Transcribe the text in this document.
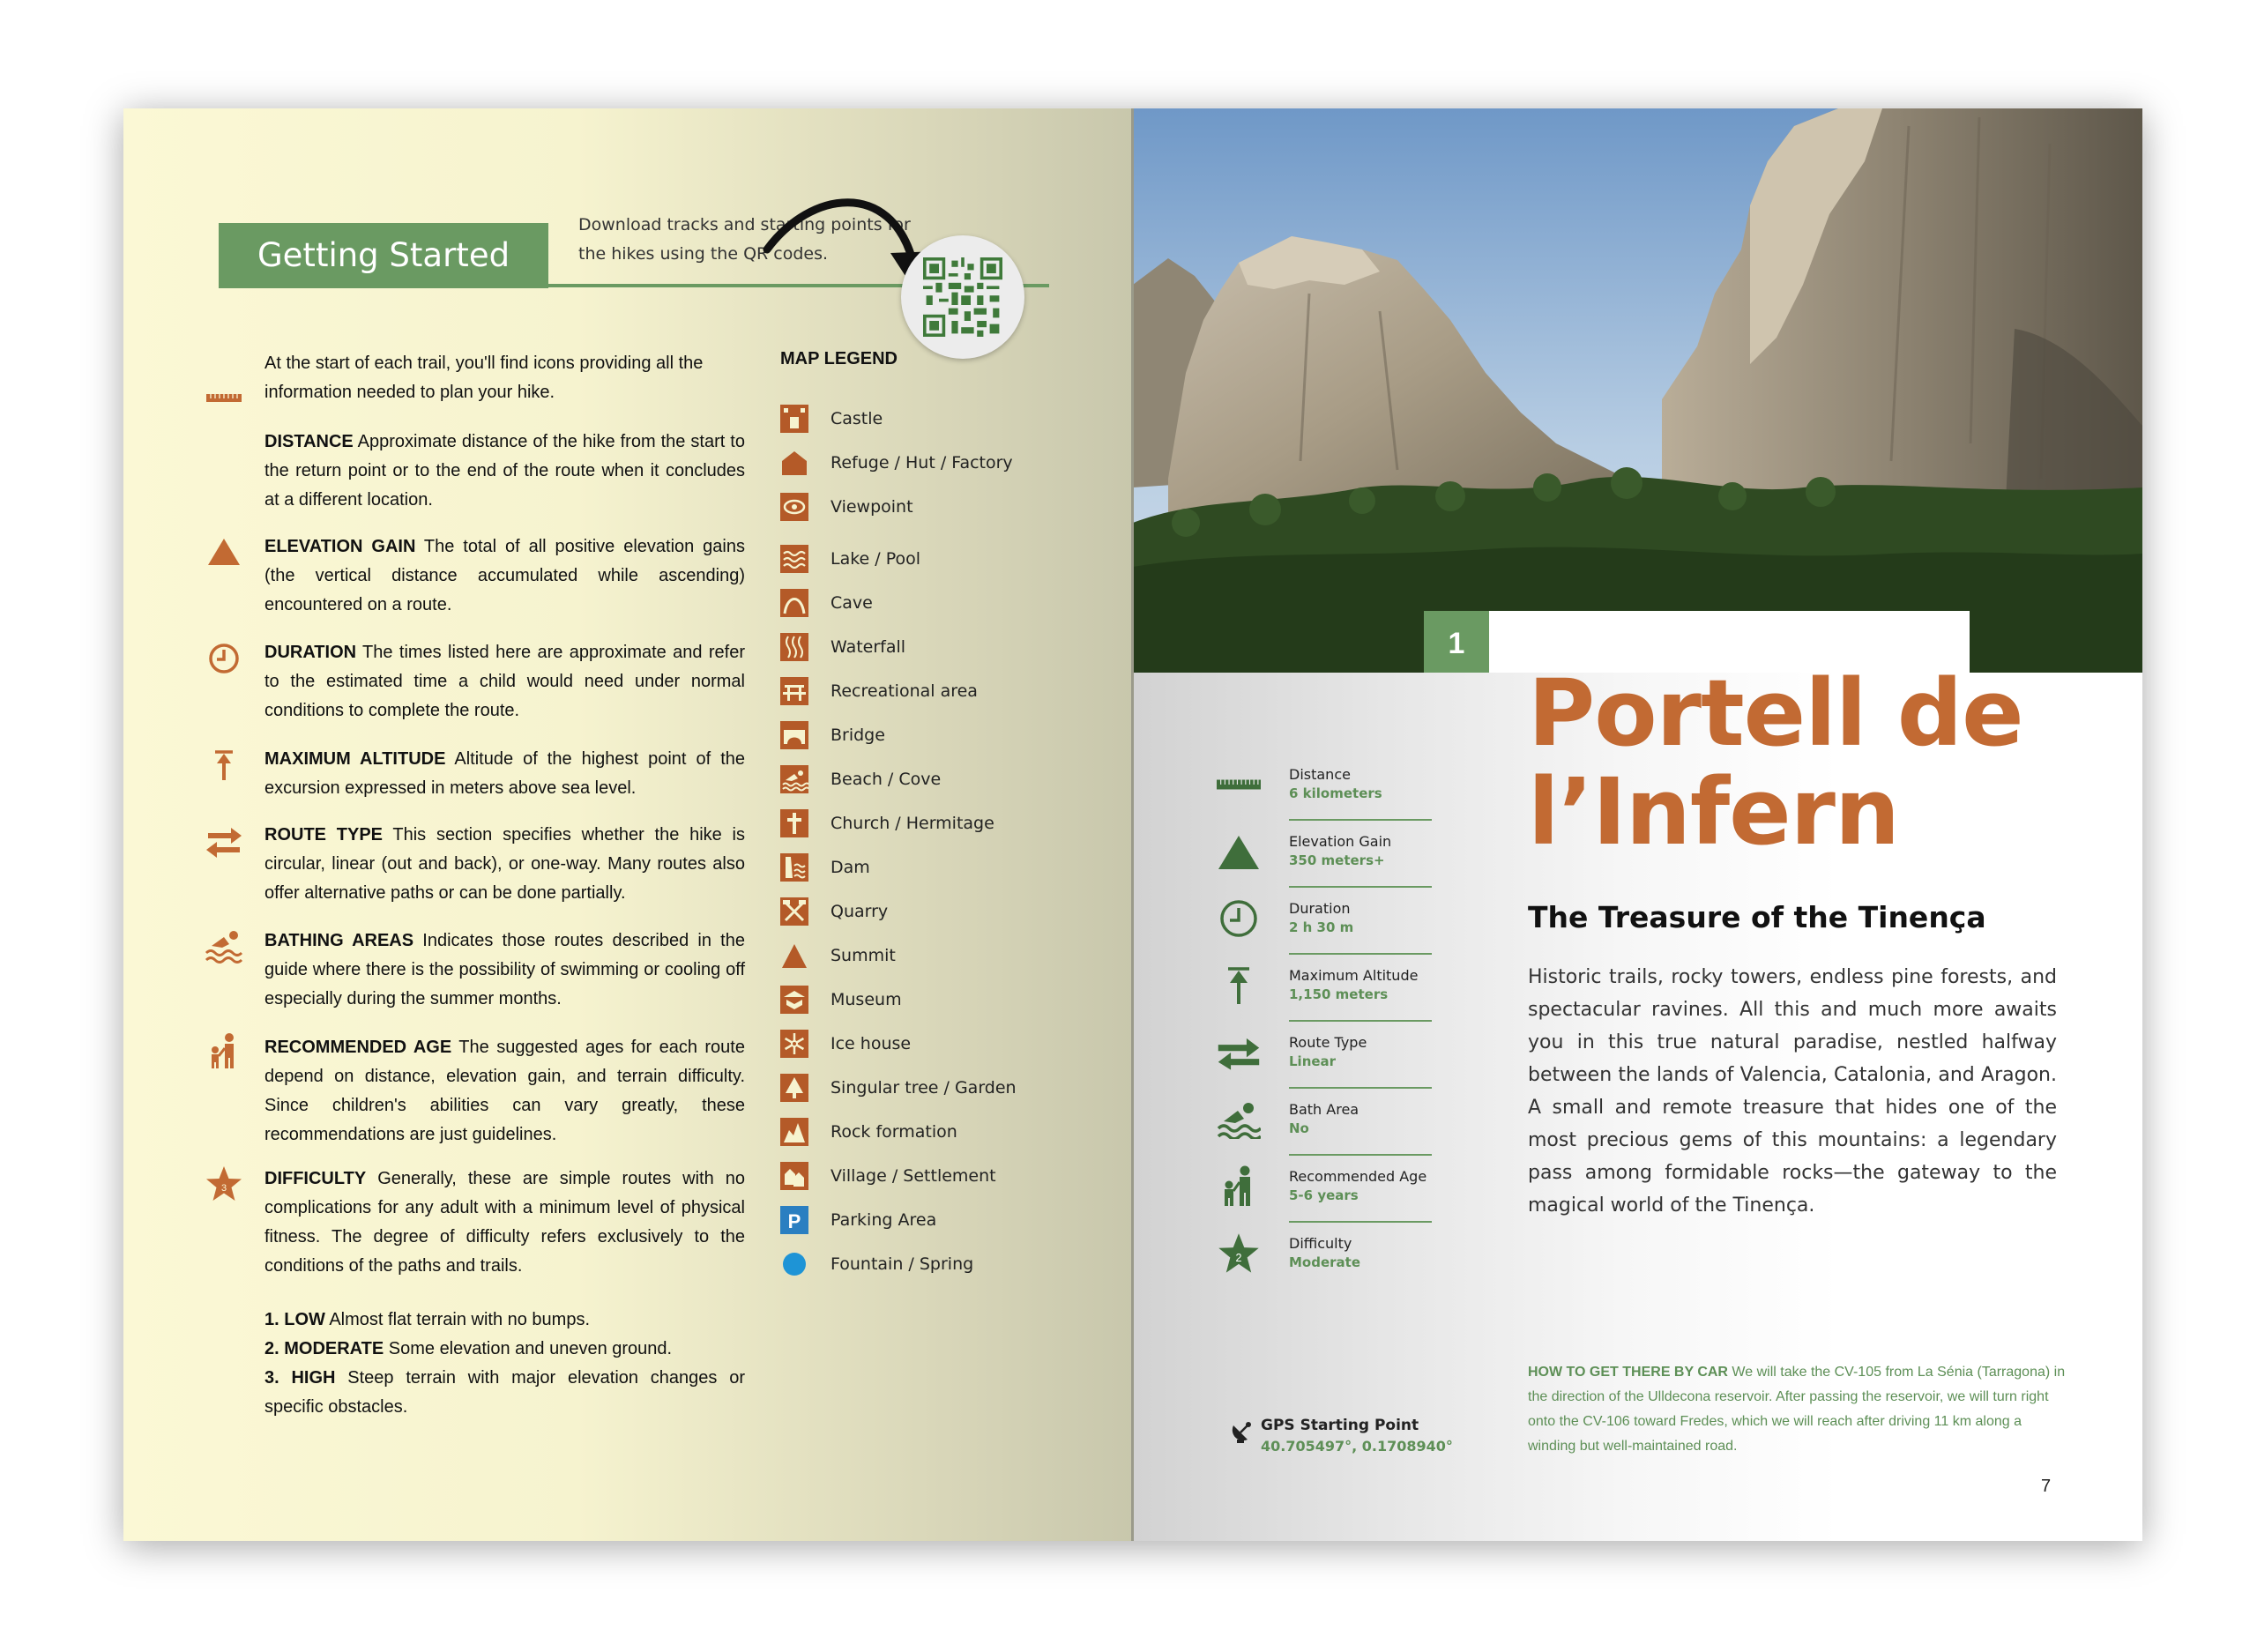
Getting Started
Download tracks and starting points for the hikes using the QR codes.

At the start of each trail, you'll find icons providing all the information needed to plan your hike.

DISTANCE Approximate distance of the hike from the start to the return point or to the end of the route when it concludes at a different location.

ELEVATION GAIN The total of all positive elevation gains (the vertical distance accumulated while ascending) encountered on a route.

DURATION The times listed here are approximate and refer to the estimated time a child would need under normal conditions to complete the route.

MAXIMUM ALTITUDE Altitude of the highest point of the excursion expressed in meters above sea level.

ROUTE TYPE This section specifies whether the hike is circular, linear (out and back), or one-way. Many routes also offer alternative paths or can be done partially.

BATHING AREAS Indicates those routes described in the guide where there is the possibility of swimming or cooling off especially during the summer months.

RECOMMENDED AGE The suggested ages for each route depend on distance, elevation gain, and terrain difficulty. Since children's abilities can vary greatly, these recommendations are just guidelines.

3 DIFFICULTY Generally, these are simple routes with no complications for any adult with a minimum level of physical fitness. The degree of difficulty refers exclusively to the conditions of the paths and trails.

1. LOW Almost flat terrain with no bumps.
2. MODERATE Some elevation and uneven ground.
3. HIGH Steep terrain with major elevation changes or specific obstacles.
MAP LEGEND
Castle
Refuge / Hut / Factory
Viewpoint
Lake / Pool
Cave
Waterfall
Recreational area
Bridge
Beach / Cove
Church / Hermitage
Dam
Quarry
Summit
Museum
Ice house
Singular tree / Garden
Rock formation
Village / Settlement
P Parking Area
Fountain / Spring
1
Portell de
l’Infern
The Treasure of the Tinença

Historic trails, rocky towers, endless pine forests, and spectacular ravines. All this and much more awaits you in this true natural paradise, nestled halfway between the lands of Valencia, Catalonia, and Aragon. A small and remote treasure that hides one of the most precious gems of this mountains: a legendary pass among formidable rocks—the gateway to the magical world of the Tinença.

Distance
6 kilometers
Elevation Gain
350 meters+
Duration
2 h 30 m
Maximum Altitude
1,150 meters
Route Type
Linear
Bath Area
No
Recommended Age
5-6 years
2
Difficulty
Moderate
GPS Starting Point
40.705497°, 0.1708940°

HOW TO GET THERE BY CAR We will take the CV-105 from La Sénia (Tarragona) in the direction of the Ulldecona reservoir. After passing the reservoir, we will turn right onto the CV-106 toward Fredes, which we will reach after driving 11 km along a winding but well-maintained road.

7
